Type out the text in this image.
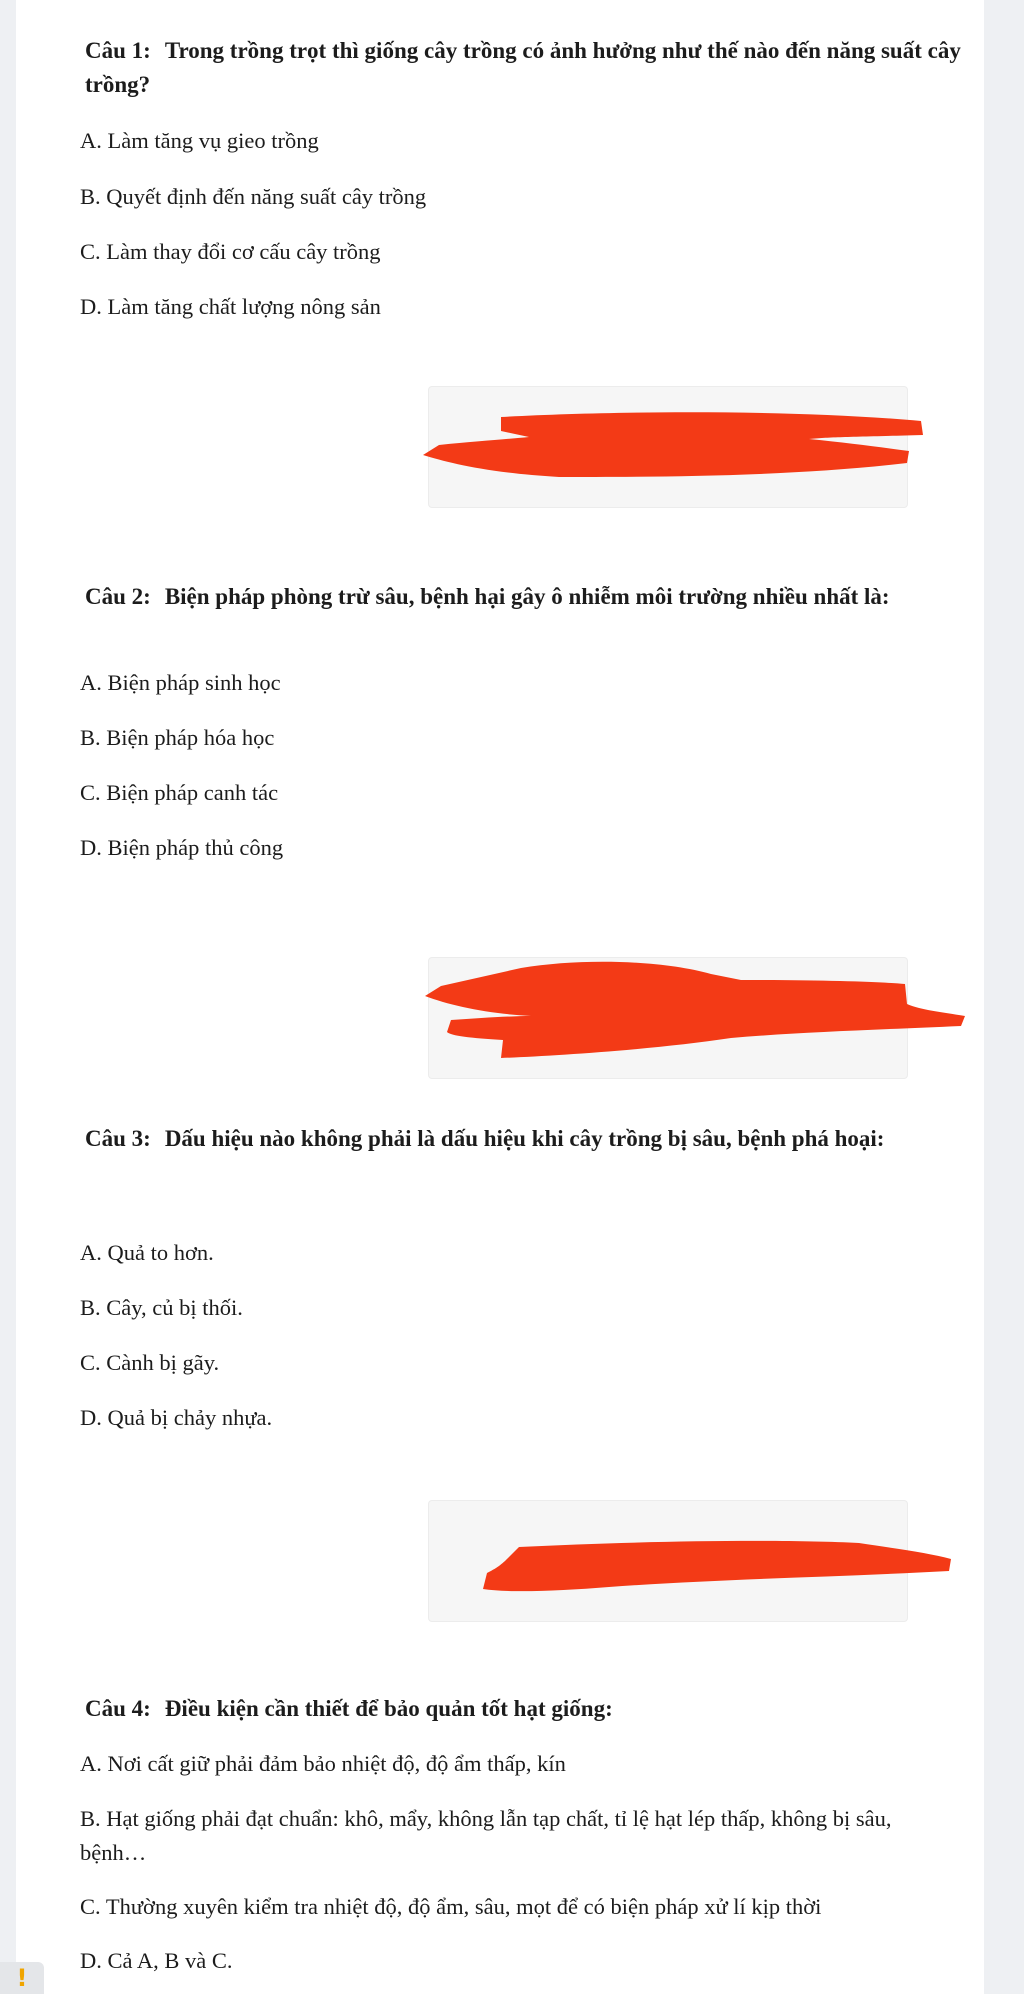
Câu 1: Trong trồng trọt thì giống cây trồng có ảnh hưởng như thế nào đến năng suất cây trồng?
A. Làm tăng vụ gieo trồng
B. Quyết định đến năng suất cây trồng
C. Làm thay đổi cơ cấu cây trồng
D. Làm tăng chất lượng nông sản
Câu 2: Biện pháp phòng trừ sâu, bệnh hại gây ô nhiễm môi trường nhiều nhất là:
A. Biện pháp sinh học
B. Biện pháp hóa học
C. Biện pháp canh tác
D. Biện pháp thủ công
Câu 3: Dấu hiệu nào không phải là dấu hiệu khi cây trồng bị sâu, bệnh phá hoại:
A. Quả to hơn.
B. Cây, củ bị thối.
C. Cành bị gãy.
D. Quả bị chảy nhựa.
Câu 4: Điều kiện cần thiết để bảo quản tốt hạt giống:
A. Nơi cất giữ phải đảm bảo nhiệt độ, độ ẩm thấp, kín
B. Hạt giống phải đạt chuẩn: khô, mẩy, không lẫn tạp chất, tỉ lệ hạt lép thấp, không bị sâu, bệnh…
C. Thường xuyên kiểm tra nhiệt độ, độ ẩm, sâu, mọt để có biện pháp xử lí kịp thời
D. Cả A, B và C.
!
